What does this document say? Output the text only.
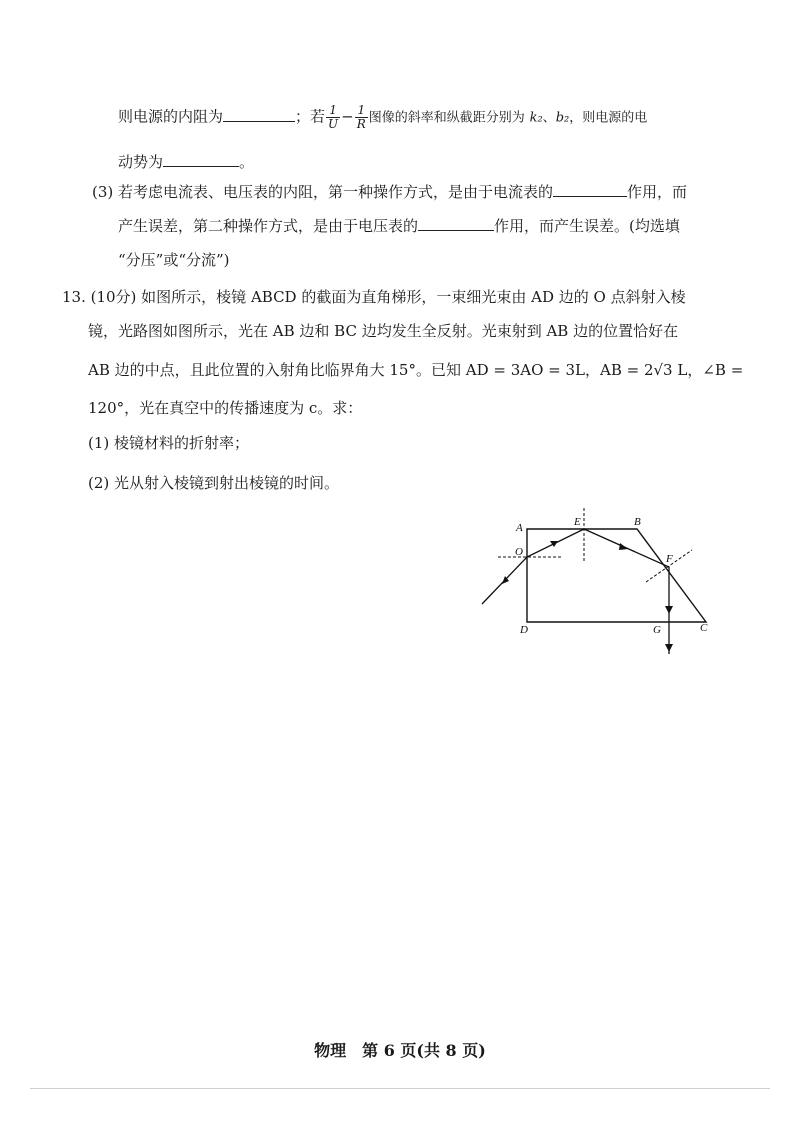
则电源的内阻为	；若 $\frac{1}{U} - \frac{1}{R}$ 图像的斜率和纵截距分别为 k₂、b₂，则电源的电
动势为	。
(3) 若考虑电流表、电压表的内阻，第一种操作方式，是由于电流表的	作用，而
产生误差，第二种操作方式，是由于电压表的	作用，而产生误差。(均选填
“分压”或“分流”)
13. (10分) 如图所示，棱镜 ABCD 的截面为直角梯形，一束细光束由 AD 边的 O 点斜射入棱
镜，光路图如图所示，光在 AB 边和 BC 边均发生全反射。光束射到 AB 边的位置恰好在
AB 边的中点，且此位置的入射角比临界角大 15°。已知 AD = 3AO = 3L，AB = 2√3 L，∠B =
120°，光在真空中的传播速度为 c。求：
(1) 棱镜材料的折射率；
(2) 光从射入棱镜到射出棱镜的时间。
A	B
C
D
E
F
G
O
物理　第 6 页(共 8 页)
